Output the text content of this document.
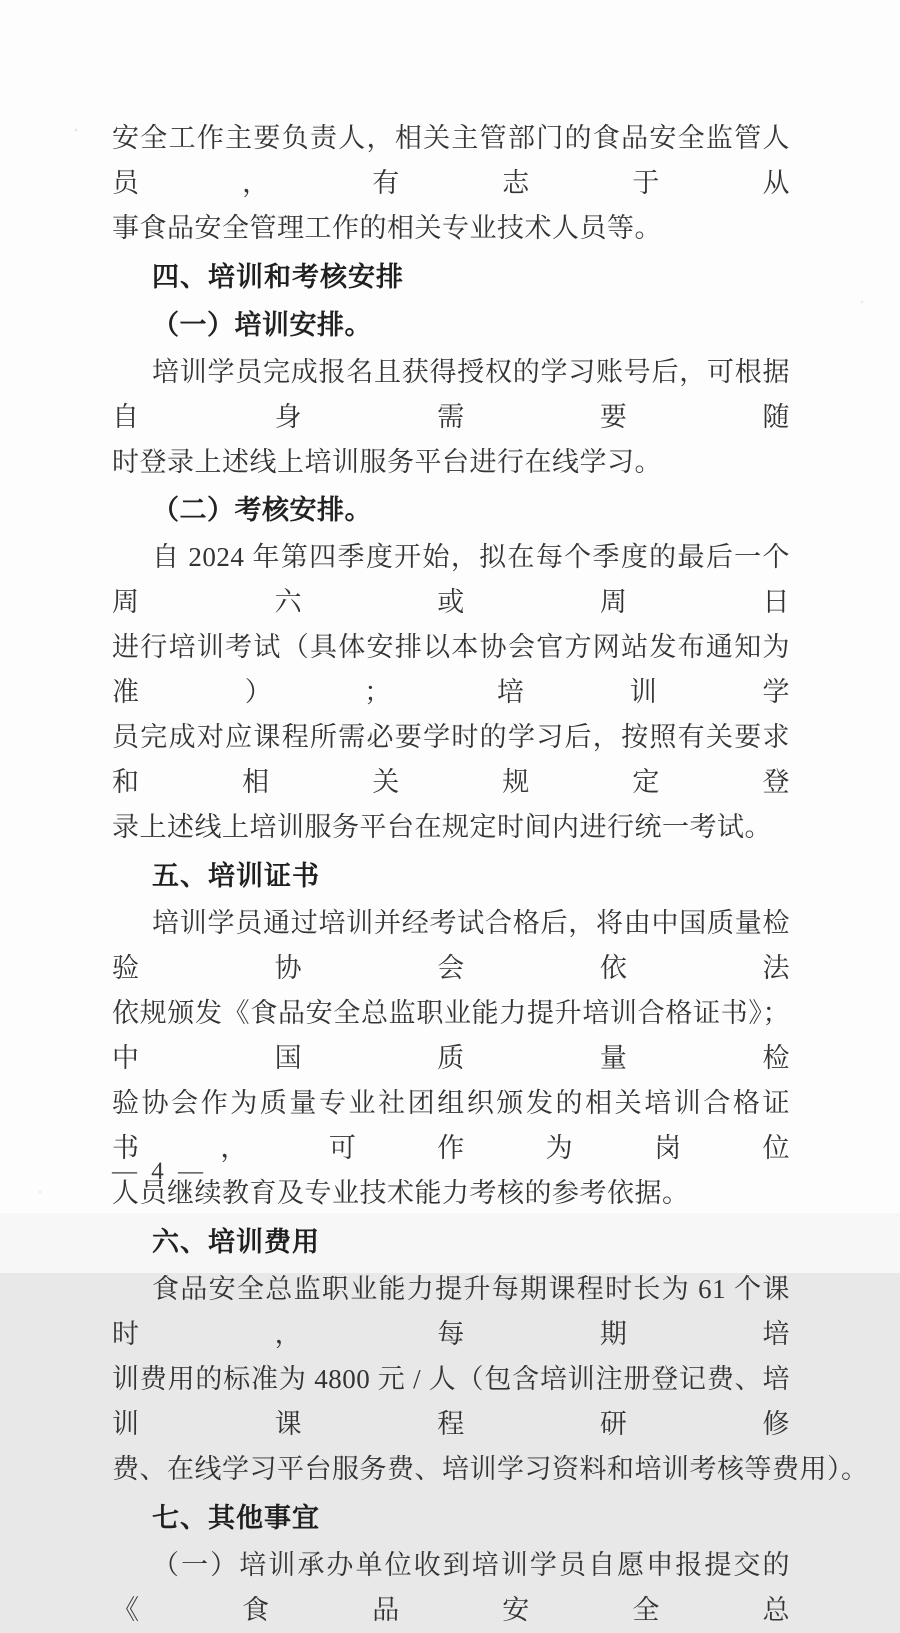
安全工作主要负责人，相关主管部门的食品安全监管人员，有志于从
事食品安全管理工作的相关专业技术人员等。
四、培训和考核安排
（一）培训安排。
培训学员完成报名且获得授权的学习账号后，可根据自身需要随
时登录上述线上培训服务平台进行在线学习。
（二）考核安排。
自 2024 年第四季度开始，拟在每个季度的最后一个周六或周日
进行培训考试（具体安排以本协会官方网站发布通知为准）；培训学
员完成对应课程所需必要学时的学习后，按照有关要求和相关规定登
录上述线上培训服务平台在规定时间内进行统一考试。
五、培训证书
培训学员通过培训并经考试合格后，将由中国质量检验协会依法
依规颁发《食品安全总监职业能力提升培训合格证书》；中国质量检
验协会作为质量专业社团组织颁发的相关培训合格证书，可作为岗位
人员继续教育及专业技术能力考核的参考依据。
六、培训费用
食品安全总监职业能力提升每期课程时长为 61 个课时，每期培
训费用的标准为 4800 元 / 人（包含培训注册登记费、培训课程研修
费、在线学习平台服务费、培训学习资料和培训考核等费用）。
七、其他事宜
（一）培训承办单位收到培训学员自愿申报提交的《食品安全总
— 4 —
